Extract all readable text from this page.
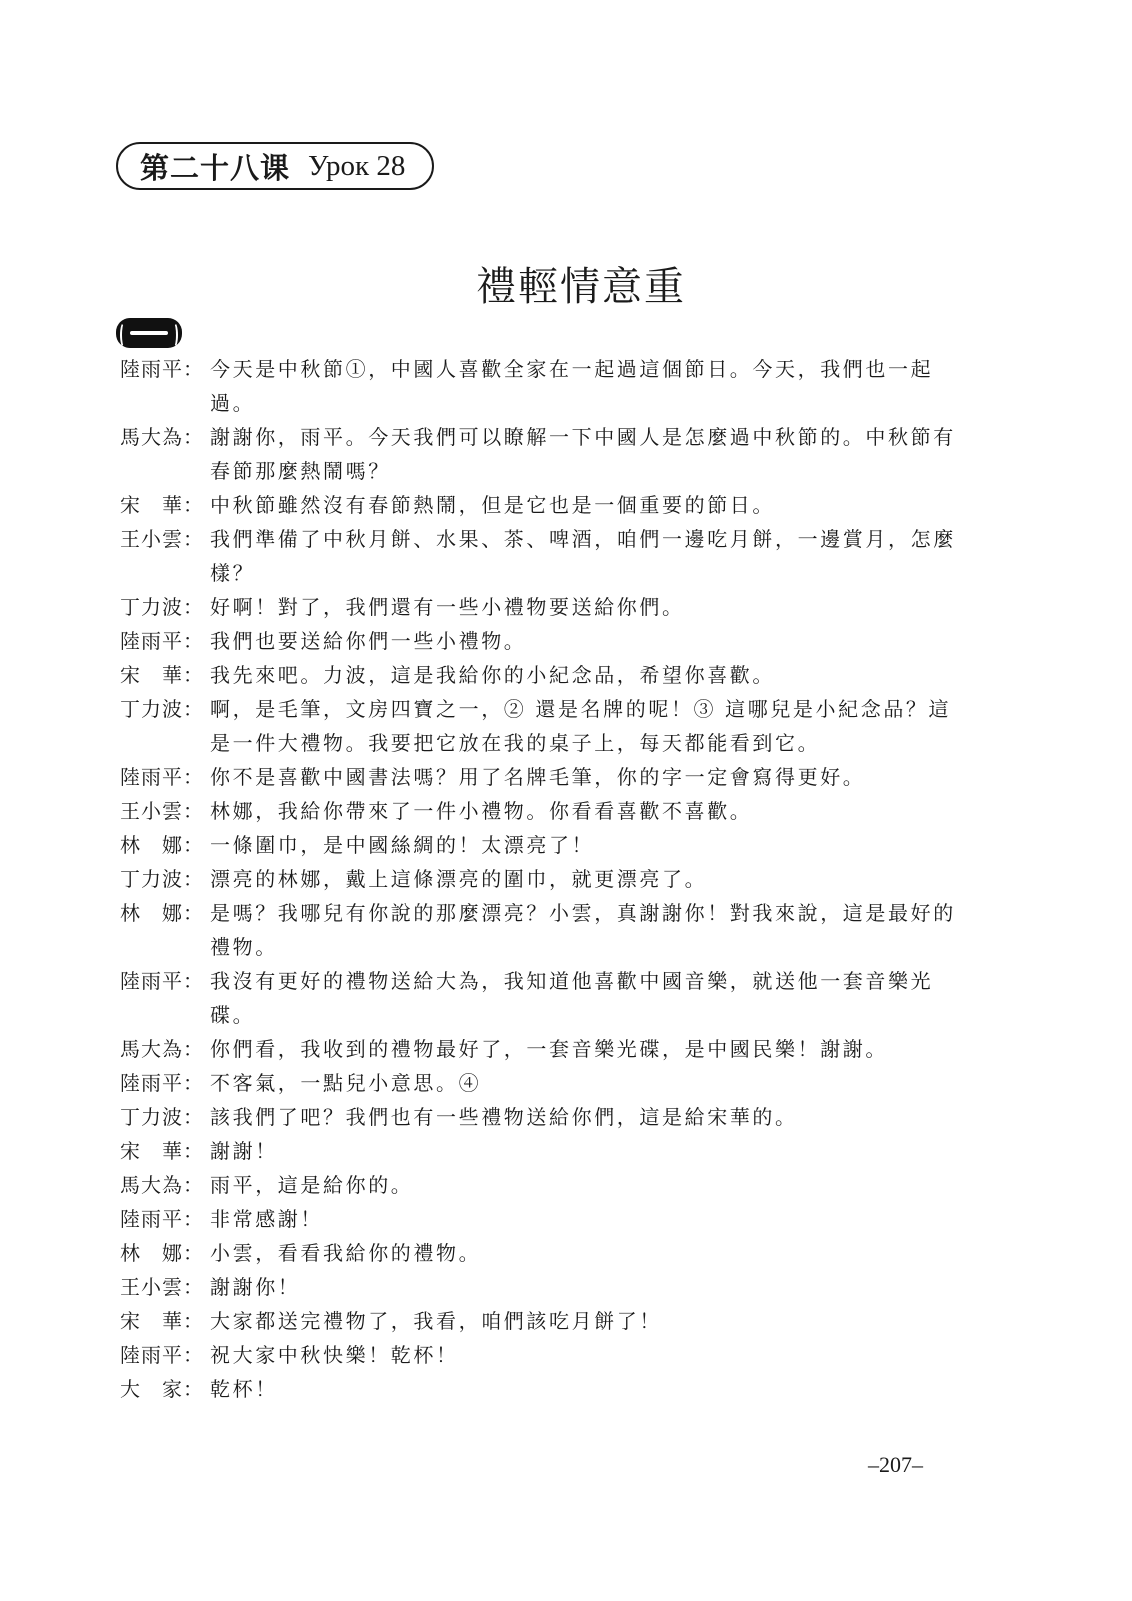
第二十八课 Урок 28
禮輕情意重
陸雨平： 今天是中秋節①，中國人喜歡全家在一起過這個節日。今天，我們也一起過。
馬大為： 謝謝你，雨平。今天我們可以瞭解一下中國人是怎麼過中秋節的。中秋節有春節那麼熱鬧嗎？
宋　華： 中秋節雖然沒有春節熱鬧，但是它也是一個重要的節日。
王小雲： 我們準備了中秋月餅、水果、茶、啤酒，咱們一邊吃月餅，一邊賞月，怎麼樣？
丁力波： 好啊！對了，我們還有一些小禮物要送給你們。
陸雨平： 我們也要送給你們一些小禮物。
宋　華： 我先來吧。力波，這是我給你的小紀念品，希望你喜歡。
丁力波： 啊，是毛筆，文房四寶之一，② 還是名牌的呢！③ 這哪兒是小紀念品？這是一件大禮物。我要把它放在我的桌子上，每天都能看到它。
陸雨平： 你不是喜歡中國書法嗎？用了名牌毛筆，你的字一定會寫得更好。
王小雲： 林娜，我給你帶來了一件小禮物。你看看喜歡不喜歡。
林　娜： 一條圍巾，是中國絲綢的！太漂亮了！
丁力波： 漂亮的林娜，戴上這條漂亮的圍巾，就更漂亮了。
林　娜： 是嗎？我哪兒有你說的那麼漂亮？小雲，真謝謝你！對我來說，這是最好的禮物。
陸雨平： 我沒有更好的禮物送給大為，我知道他喜歡中國音樂，就送他一套音樂光碟。
馬大為： 你們看，我收到的禮物最好了，一套音樂光碟，是中國民樂！謝謝。
陸雨平： 不客氣，一點兒小意思。④
丁力波： 該我們了吧？我們也有一些禮物送給你們，這是給宋華的。
宋　華： 謝謝！
馬大為： 雨平，這是給你的。
陸雨平： 非常感謝！
林　娜： 小雲，看看我給你的禮物。
王小雲： 謝謝你！
宋　華： 大家都送完禮物了，我看，咱們該吃月餅了！
陸雨平： 祝大家中秋快樂！乾杯！
大　家： 乾杯！
–207–
